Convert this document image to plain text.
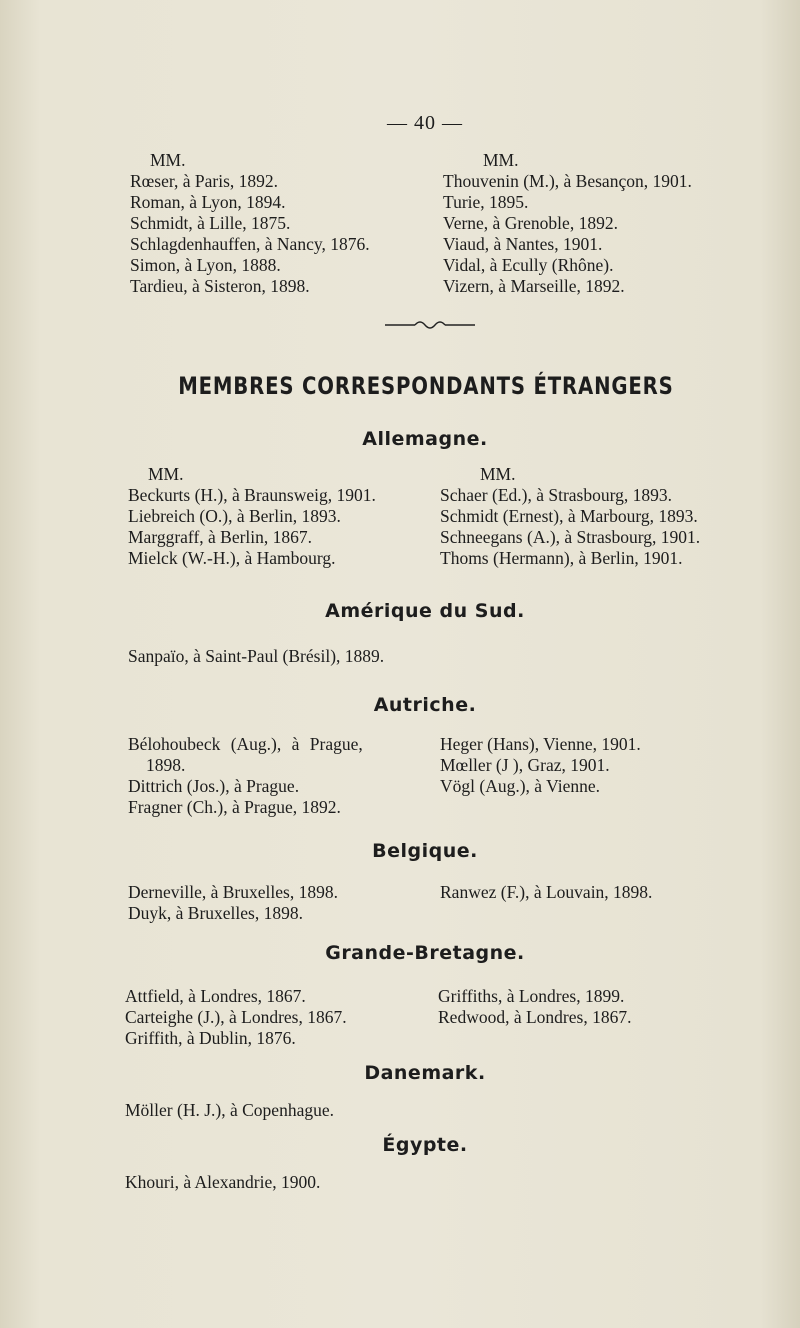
— 40 —
MM.
Rœser, à Paris, 1892.
Roman, à Lyon, 1894.
Schmidt, à Lille, 1875.
Schlagdenhauffen, à Nancy, 1876.
Simon, à Lyon, 1888.
Tardieu, à Sisteron, 1898.
MM.
Thouvenin (M.), à Besançon, 1901.
Turie, 1895.
Verne, à Grenoble, 1892.
Viaud, à Nantes, 1901.
Vidal, à Ecully (Rhône).
Vizern, à Marseille, 1892.
MEMBRES CORRESPONDANTS ÉTRANGERS
Allemagne.
MM.
Beckurts (H.), à Braunsweig, 1901.
Liebreich (O.), à Berlin, 1893.
Marggraff, à Berlin, 1867.
Mielck (W.-H.), à Hambourg.
MM.
Schaer (Ed.), à Strasbourg, 1893.
Schmidt (Ernest), à Marbourg, 1893.
Schneegans (A.), à Strasbourg, 1901.
Thoms (Hermann), à Berlin, 1901.
Amérique du Sud.
Sanpaïo, à Saint-Paul (Brésil), 1889.
Autriche.
Bélohoubeck (Aug.), à Prague,
1898.
Dittrich (Jos.), à Prague.
Fragner (Ch.), à Prague, 1892.
Heger (Hans), Vienne, 1901.
Mœller (J ), Graz, 1901.
Vögl (Aug.), à Vienne.
Belgique.
Derneville, à Bruxelles, 1898.
Duyk, à Bruxelles, 1898.
Ranwez (F.), à Louvain, 1898.
Grande-Bretagne.
Attfield, à Londres, 1867.
Carteighe (J.), à Londres, 1867.
Griffith, à Dublin, 1876.
Griffiths, à Londres, 1899.
Redwood, à Londres, 1867.
Danemark.
Möller (H. J.), à Copenhague.
Égypte.
Khouri, à Alexandrie, 1900.
